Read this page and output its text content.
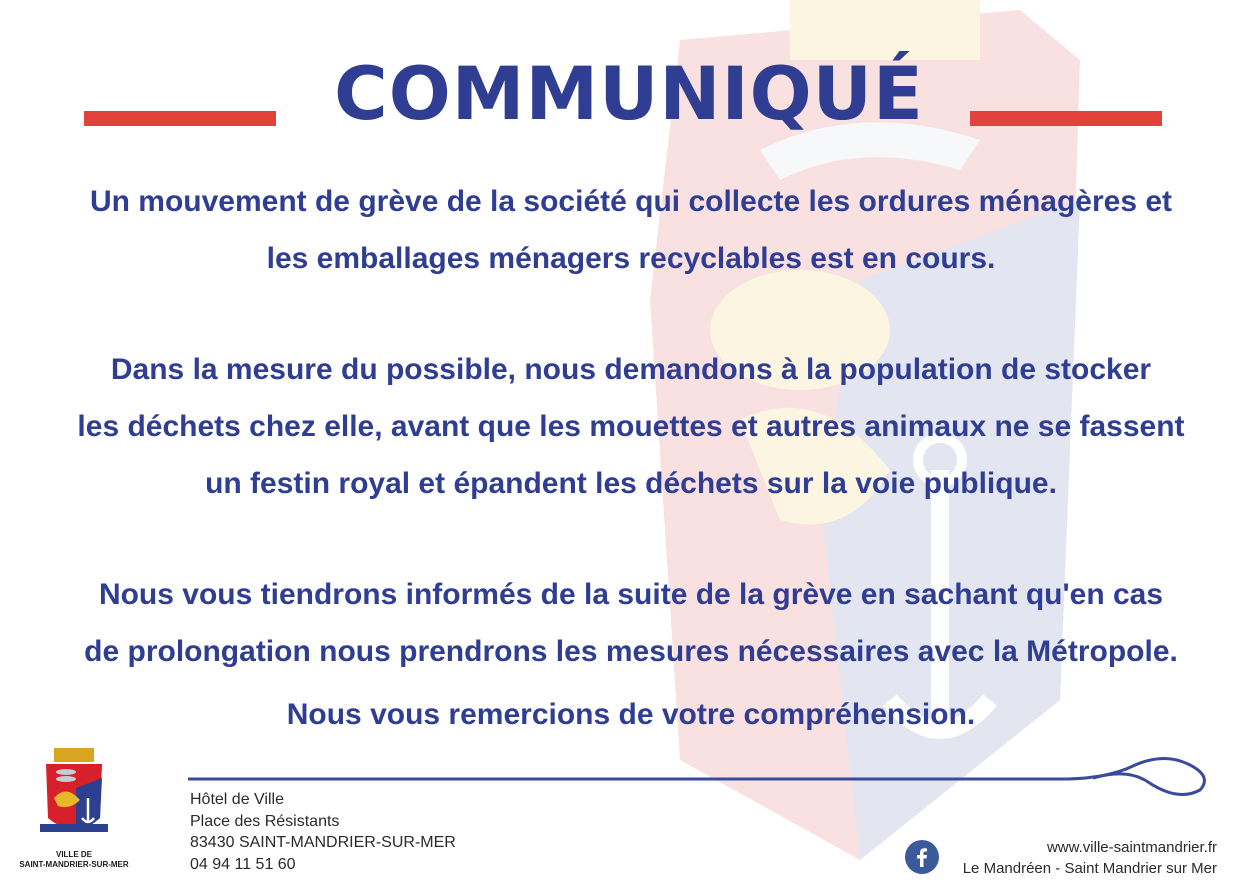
COMMUNIQUÉ
Un mouvement de grève de la société qui collecte les ordures ménagères et
les emballages ménagers recyclables est en cours.
Dans la mesure du possible, nous demandons à la population de stocker
les déchets chez elle, avant que les mouettes et autres animaux ne se fassent
un festin royal et épandent les déchets sur la voie publique.
Nous vous tiendrons informés de la suite de la grève en sachant qu'en cas
de prolongation nous prendrons les mesures nécessaires avec la Métropole.
Nous vous remercions de votre compréhension.
VILLE DE
SAINT-MANDRIER-SUR-MER
Hôtel de Ville
Place des Résistants
83430 SAINT-MANDRIER-SUR-MER
04 94 11 51 60
www.ville-saintmandrier.fr
Le Mandréen - Saint Mandrier sur Mer
